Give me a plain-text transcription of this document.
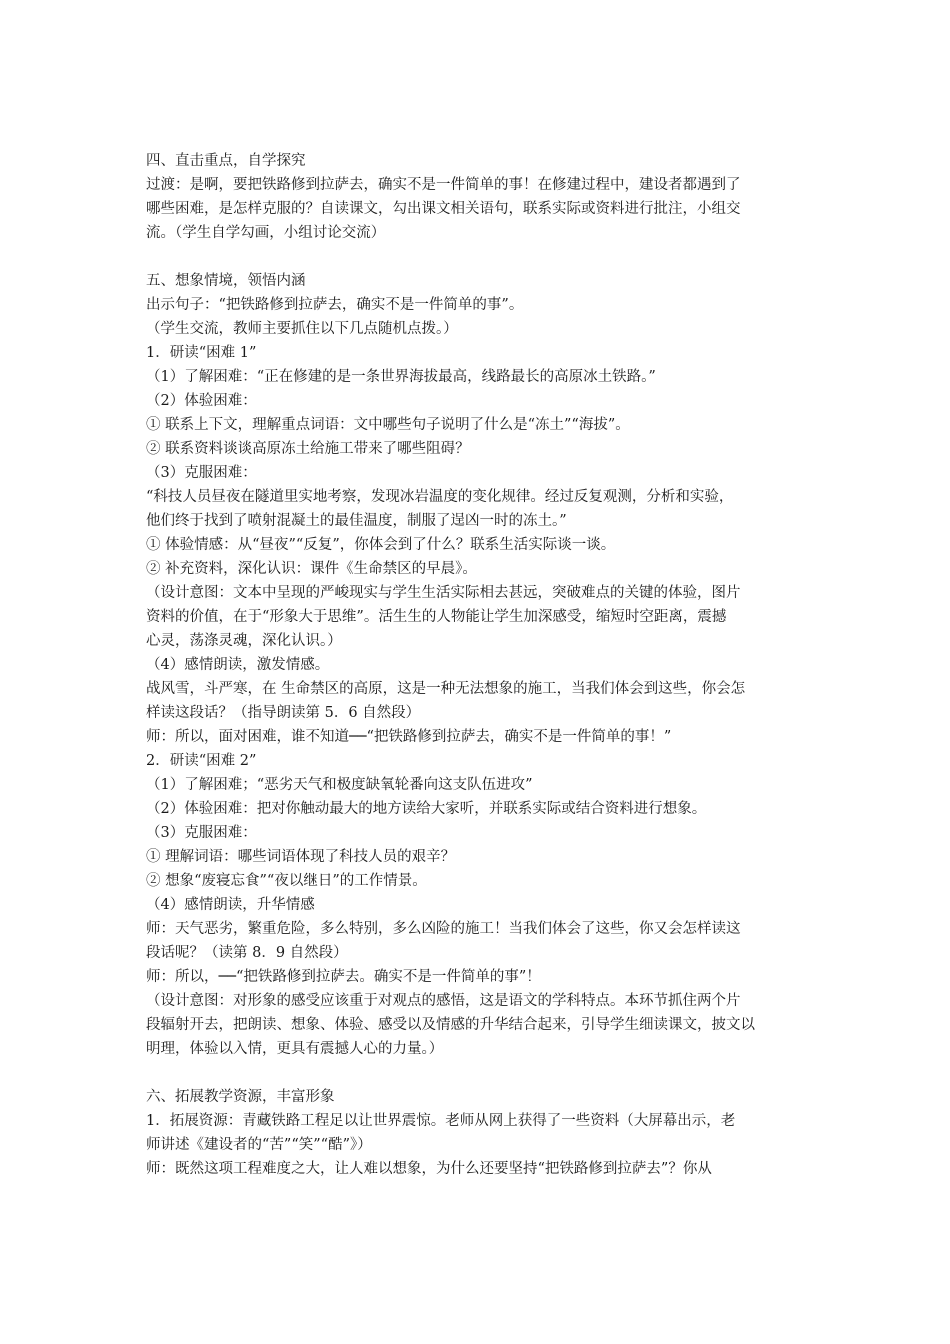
四、直击重点，自学探究
过渡：是啊，要把铁路修到拉萨去，确实不是一件简单的事！在修建过程中，建设者都遇到了
哪些困难，是怎样克服的？自读课文，勾出课文相关语句，联系实际或资料进行批注，小组交
流。（学生自学勾画，小组讨论交流）
五、想象情境，领悟内涵
出示句子：“把铁路修到拉萨去，确实不是一件简单的事”。
（学生交流，教师主要抓住以下几点随机点拨。）
1．研读“困难 1”
（1）了解困难：“正在修建的是一条世界海拔最高，线路最长的高原冰土铁路。”
（2）体验困难：
① 联系上下文，理解重点词语：文中哪些句子说明了什么是“冻土”“海拔”。
② 联系资料谈谈高原冻土给施工带来了哪些阻碍？
（3）克服困难：
“科技人员昼夜在隧道里实地考察，发现冰岩温度的变化规律。经过反复观测，分析和实验，
他们终于找到了喷射混凝土的最佳温度，制服了逞凶一时的冻土。”
① 体验情感：从“昼夜”“反复”，你体会到了什么？联系生活实际谈一谈。
② 补充资料，深化认识：课件《生命禁区的早晨》。
（设计意图：文本中呈现的严峻现实与学生生活实际相去甚远，突破难点的关键的体验，图片
资料的价值，在于“形象大于思维”。活生生的人物能让学生加深感受，缩短时空距离，震撼
心灵，荡涤灵魂，深化认识。）
（4）感情朗读，激发情感。
战风雪，斗严寒，在 生命禁区的高原，这是一种无法想象的施工，当我们体会到这些，你会怎
样读这段话？（指导朗读第 5．6 自然段）
师：所以，面对困难，谁不知道──“把铁路修到拉萨去，确实不是一件简单的事！”
2．研读“困难 2”
（1）了解困难；“恶劣天气和极度缺氧轮番向这支队伍进攻”
（2）体验困难：把对你触动最大的地方读给大家听，并联系实际或结合资料进行想象。
（3）克服困难：
① 理解词语：哪些词语体现了科技人员的艰辛？
② 想象“废寝忘食”“夜以继日”的工作情景。
（4）感情朗读，升华情感
师：天气恶劣，繁重危险，多么特别，多么凶险的施工！当我们体会了这些，你又会怎样读这
段话呢？（读第 8．9 自然段）
师：所以，──“把铁路修到拉萨去。确实不是一件简单的事”！
（设计意图：对形象的感受应该重于对观点的感悟，这是语文的学科特点。本环节抓住两个片
段辐射开去，把朗读、想象、体验、感受以及情感的升华结合起来，引导学生细读课文，披文以
明理，体验以入情，更具有震撼人心的力量。）
六、拓展教学资源，丰富形象
1．拓展资源：青藏铁路工程足以让世界震惊。老师从网上获得了一些资料（大屏幕出示，老
师讲述《建设者的“苦”“笑”“酷”》）
师：既然这项工程难度之大，让人难以想象，为什么还要坚持“把铁路修到拉萨去”？你从
